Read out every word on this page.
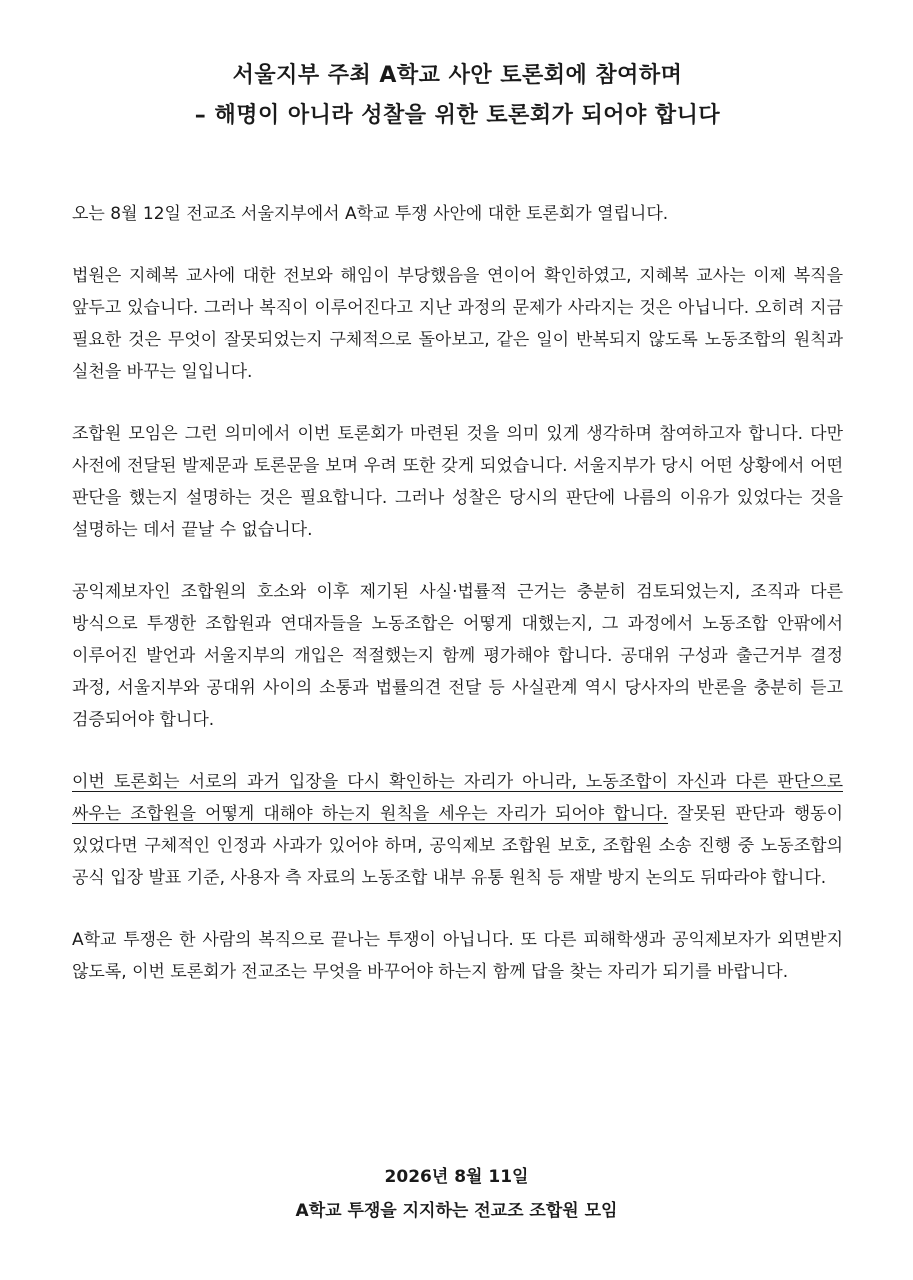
서울지부 주최 A학교 사안 토론회에 참여하며
– 해명이 아니라 성찰을 위한 토론회가 되어야 합니다

오는 8월 12일 전교조 서울지부에서 A학교 투쟁 사안에 대한 토론회가 열립니다.

법원은 지혜복 교사에 대한 전보와 해임이 부당했음을 연이어 확인하였고, 지혜복 교사는 이제 복직을 앞두고 있습니다. 그러나 복직이 이루어진다고 지난 과정의 문제가 사라지는 것은 아닙니다. 오히려 지금 필요한 것은 무엇이 잘못되었는지 구체적으로 돌아보고, 같은 일이 반복되지 않도록 노동조합의 원칙과 실천을 바꾸는 일입니다.

조합원 모임은 그런 의미에서 이번 토론회가 마련된 것을 의미 있게 생각하며 참여하고자 합니다. 다만 사전에 전달된 발제문과 토론문을 보며 우려 또한 갖게 되었습니다. 서울지부가 당시 어떤 상황에서 어떤 판단을 했는지 설명하는 것은 필요합니다. 그러나 성찰은 당시의 판단에 나름의 이유가 있었다는 것을 설명하는 데서 끝날 수 없습니다.

공익제보자인 조합원의 호소와 이후 제기된 사실·법률적 근거는 충분히 검토되었는지, 조직과 다른 방식으로 투쟁한 조합원과 연대자들을 노동조합은 어떻게 대했는지, 그 과정에서 노동조합 안팎에서 이루어진 발언과 서울지부의 개입은 적절했는지 함께 평가해야 합니다. 공대위 구성과 출근거부 결정 과정, 서울지부와 공대위 사이의 소통과 법률의견 전달 등 사실관계 역시 당사자의 반론을 충분히 듣고 검증되어야 합니다.

이번 토론회는 서로의 과거 입장을 다시 확인하는 자리가 아니라, 노동조합이 자신과 다른 판단으로 싸우는 조합원을 어떻게 대해야 하는지 원칙을 세우는 자리가 되어야 합니다. 잘못된 판단과 행동이 있었다면 구체적인 인정과 사과가 있어야 하며, 공익제보 조합원 보호, 조합원 소송 진행 중 노동조합의 공식 입장 발표 기준, 사용자 측 자료의 노동조합 내부 유통 원칙 등 재발 방지 논의도 뒤따라야 합니다.

A학교 투쟁은 한 사람의 복직으로 끝나는 투쟁이 아닙니다. 또 다른 피해학생과 공익제보자가 외면받지 않도록, 이번 토론회가 전교조는 무엇을 바꾸어야 하는지 함께 답을 찾는 자리가 되기를 바랍니다.

2026년 8월 11일
A학교 투쟁을 지지하는 전교조 조합원 모임
